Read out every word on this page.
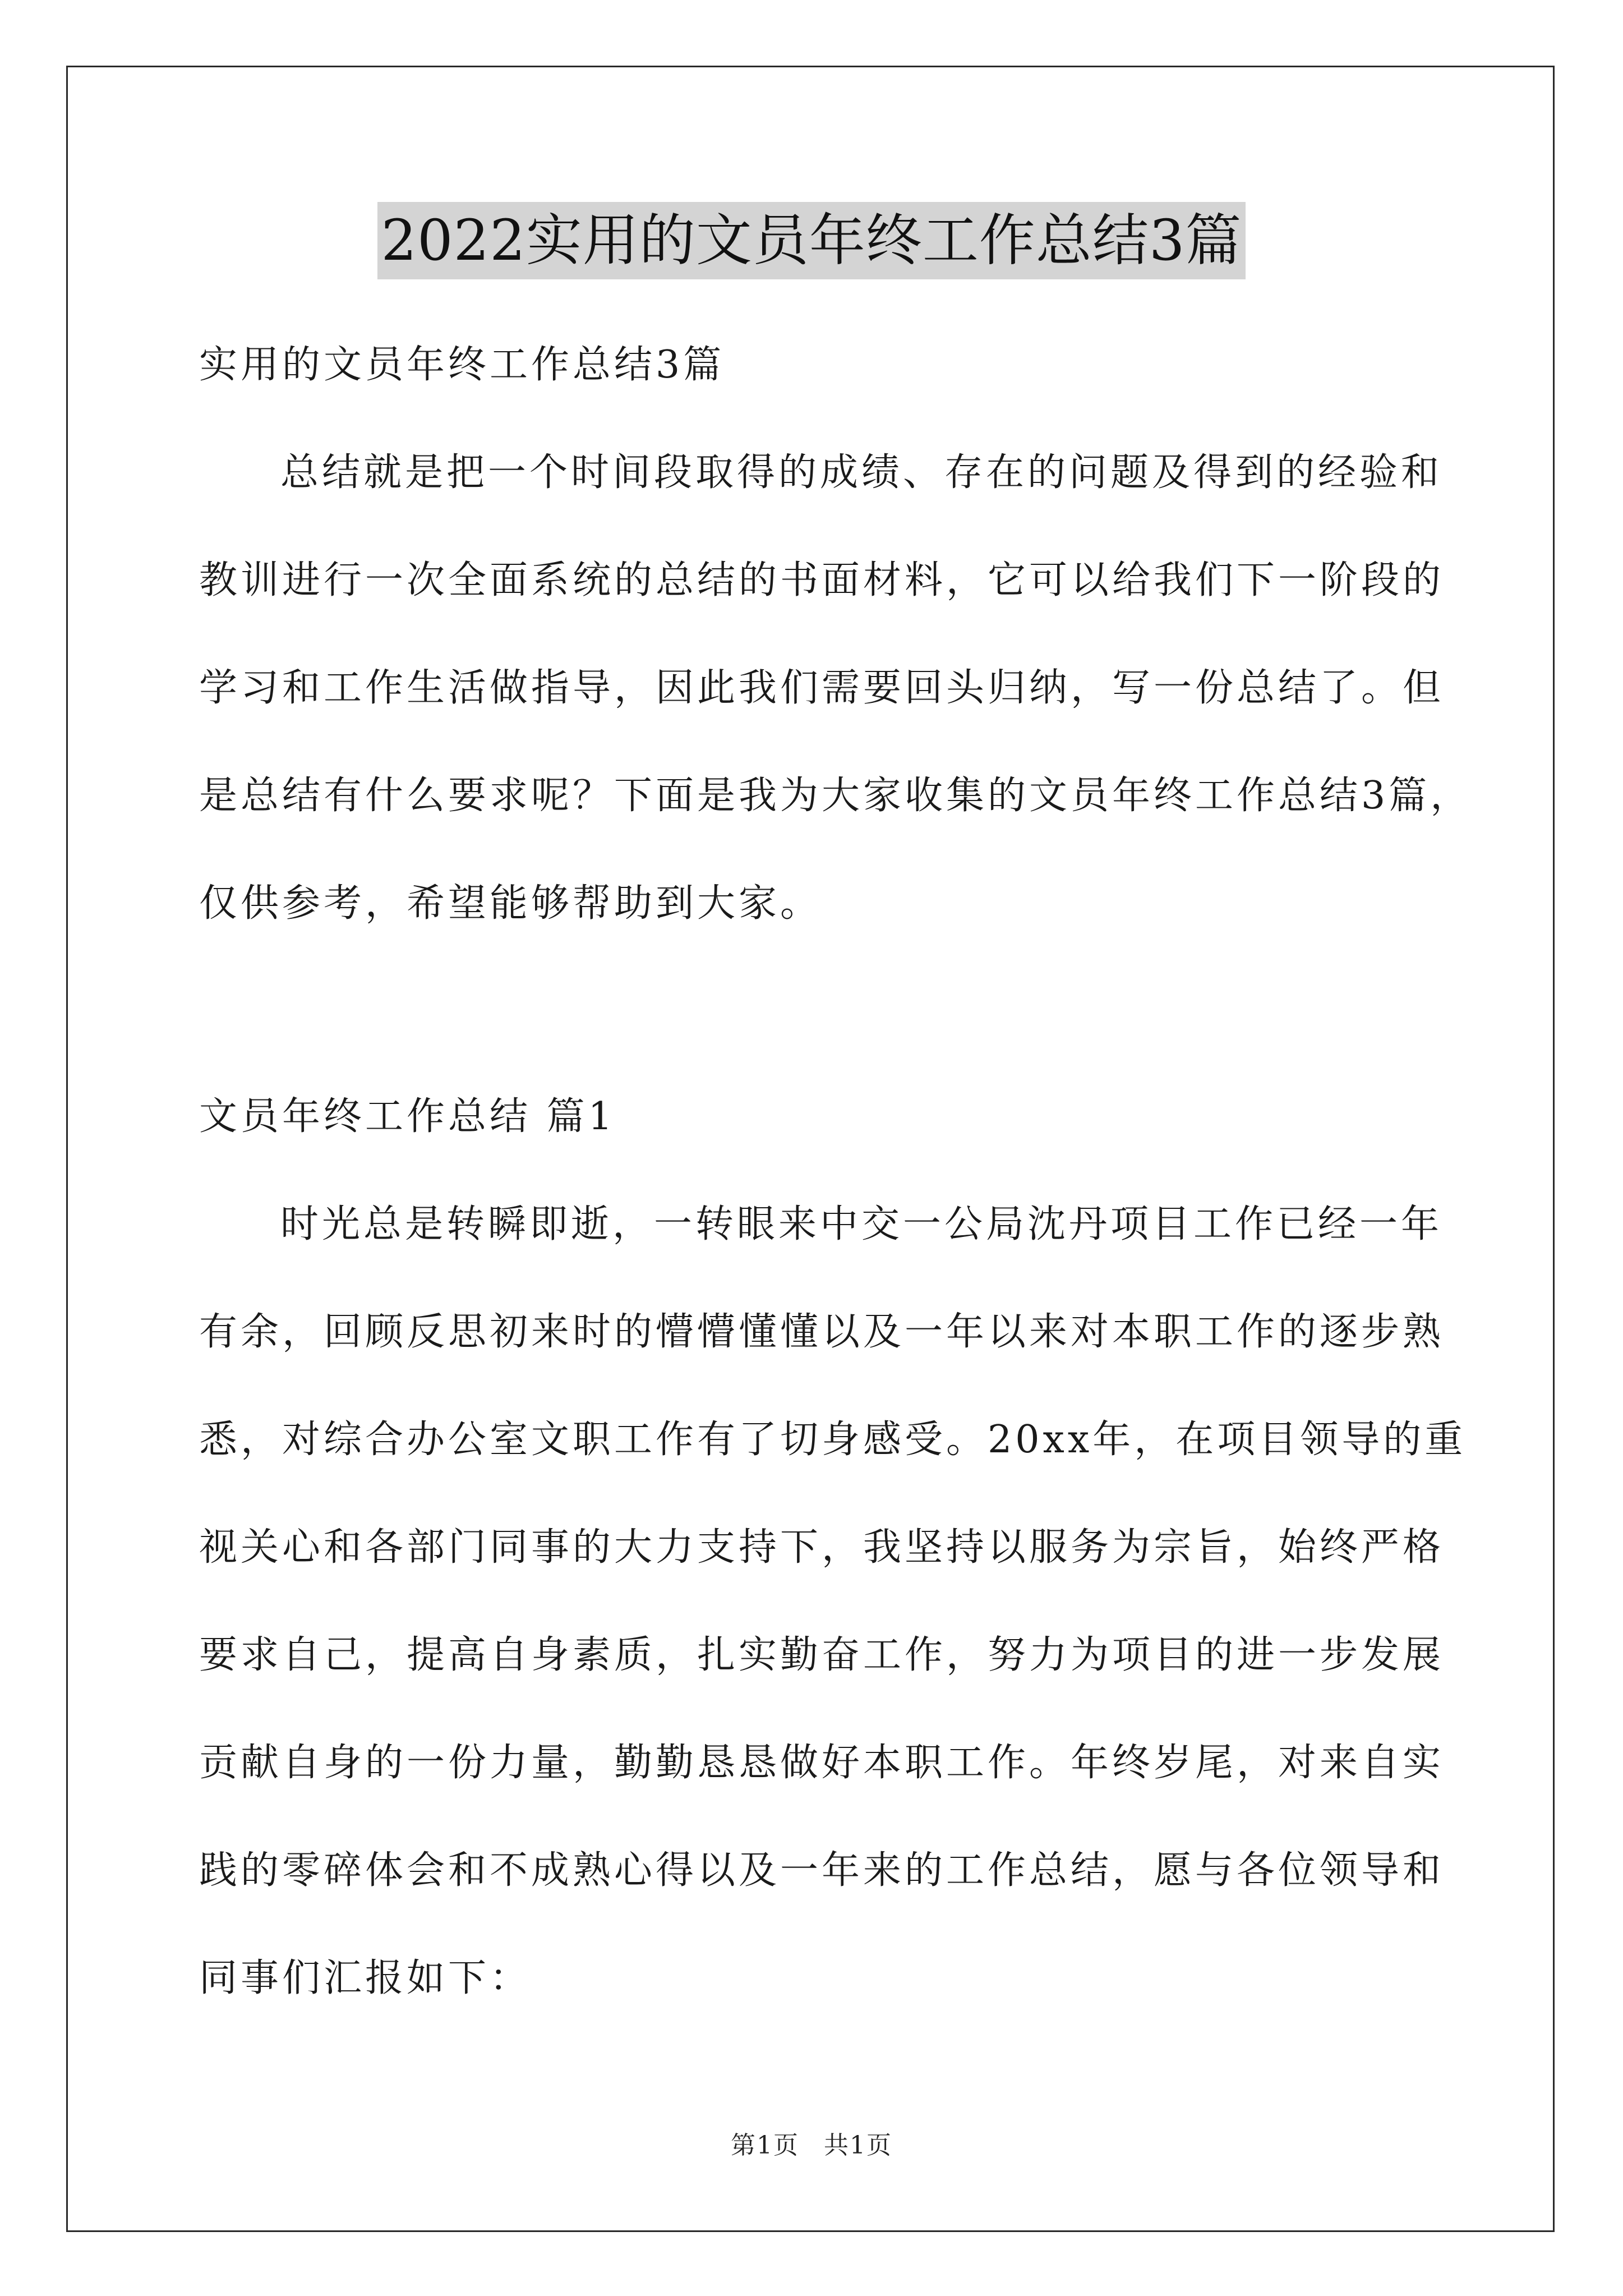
2022实用的文员年终工作总结3篇
实用的文员年终工作总结3篇
总结就是把一个时间段取得的成绩、存在的问题及得到的经验和
教训进行一次全面系统的总结的书面材料，它可以给我们下一阶段的
学习和工作生活做指导，因此我们需要回头归纳，写一份总结了。但
是总结有什么要求呢？下面是我为大家收集的文员年终工作总结3篇，
仅供参考，希望能够帮助到大家。
文员年终工作总结 篇1
时光总是转瞬即逝，一转眼来中交一公局沈丹项目工作已经一年
有余，回顾反思初来时的懵懵懂懂以及一年以来对本职工作的逐步熟
悉，对综合办公室文职工作有了切身感受。20xx年，在项目领导的重
视关心和各部门同事的大力支持下，我坚持以服务为宗旨，始终严格
要求自己，提高自身素质，扎实勤奋工作，努力为项目的进一步发展
贡献自身的一份力量，勤勤恳恳做好本职工作。年终岁尾，对来自实
践的零碎体会和不成熟心得以及一年来的工作总结，愿与各位领导和
同事们汇报如下：
第1页 共1页
